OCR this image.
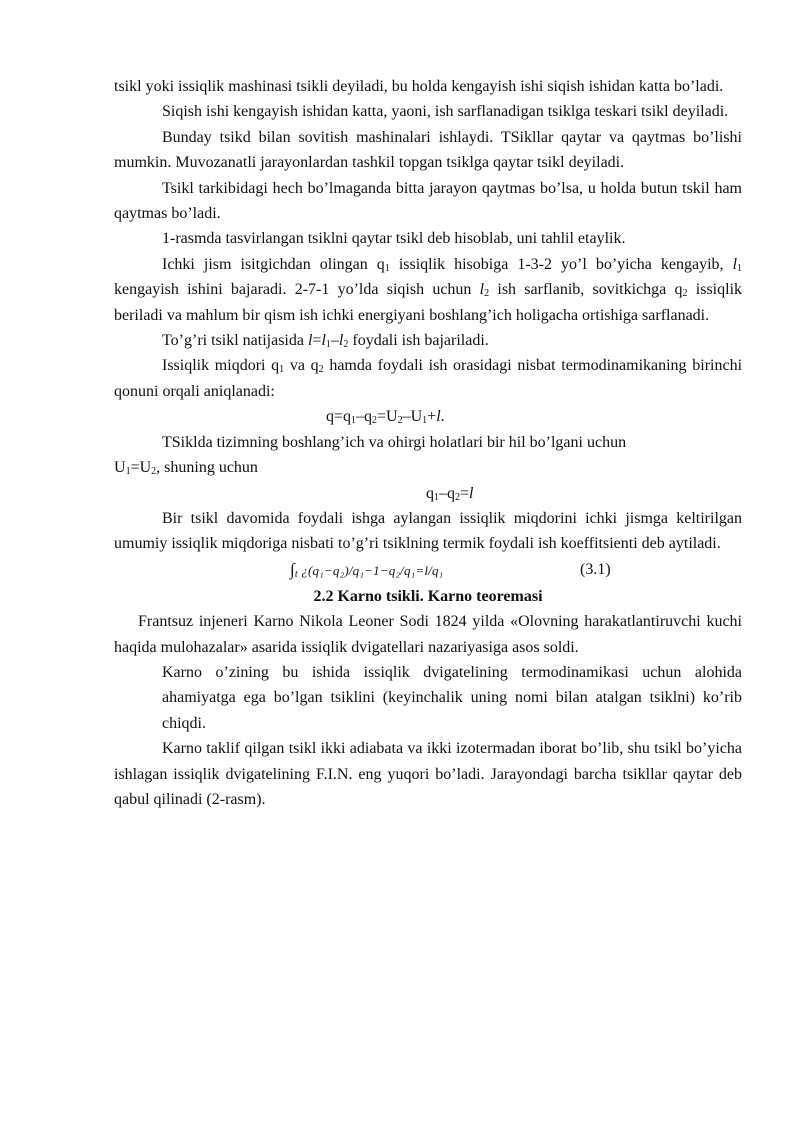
tsikl yoki issiqlik mashinasi tsikli deyiladi, bu holda kengayish ishi siqish ishidan katta bo’ladi.

Siqish ishi kengayish ishidan katta, yaoni, ish sarflanadigan tsiklga teskari tsikl deyiladi.

Bunday tsikd bilan sovitish mashinalari ishlaydi. TSikllar qaytar va qaytmas bo’lishi mumkin. Muvozanatli jarayonlardan tashkil topgan tsiklga qaytar tsikl deyiladi.

Tsikl tarkibidagi hech bo’lmaganda bitta jarayon qaytmas bo’lsa, u holda butun tskil ham qaytmas bo’ladi.

1-rasmda tasvirlangan tsiklni qaytar tsikl deb hisoblab, uni tahlil etaylik.

Ichki jism isitgichdan olingan $q_1$ issiqlik hisobiga 1-3-2 yo’l bo’yicha kengayib, $l_1$ kengayish ishini bajaradi. 2-7-1 yo’lda siqish uchun $l_2$ ish sarflanib, sovitkichga $q_2$ issiqlik beriladi va mahlum bir qism ish ichki energiyani boshlang’ich holigacha ortishiga sarflanadi.

To’g’ri tsikl natijasida $l=l_1-l_2$ foydali ish bajariladi.

Issiqlik miqdori $q_1$ va $q_2$ hamda foydali ish orasidagi nisbat termodinamikaning birinchi qonuni orqali aniqlanadi:

$q=q_1-q_2=U_2-U_1+l$.

TSiklda tizimning boshlang’ich va ohirgi holatlari bir hil bo’lgani uchun

$U_1=U_2$, shuning uchun

$q_1-q_2=l$

Bir tsikl davomida foydali ishga aylangan issiqlik miqdorini ichki jismga keltirilgan umumiy issiqlik miqdoriga nisbati to’g’ri tsiklning termik foydali ish koeffitsienti deb aytiladi.

$\int_t$ ¿(q₁−q₂)/q₁−1−q₂/q₁=l/q₁	(3.1)

2.2 Karno tsikli. Karno teoremasi

Frantsuz injeneri Karno Nikola Leoner Sodi 1824 yilda «Olovning harakatlantiruvchi kuchi haqida mulohazalar» asarida issiqlik dvigatellari nazariyasiga asos soldi.

Karno o’zining bu ishida issiqlik dvigatelining termodinamikasi uchun alohida ahamiyatga ega bo’lgan tsiklini (keyinchalik uning nomi bilan atalgan tsiklni) ko’rib chiqdi.

Karno taklif qilgan tsikl ikki adiabata va ikki izotermadan iborat bo’lib, shu tsikl bo’yicha ishlagan issiqlik dvigatelining F.I.N. eng yuqori bo’ladi. Jarayondagi barcha tsikllar qaytar deb qabul qilinadi (2-rasm).
